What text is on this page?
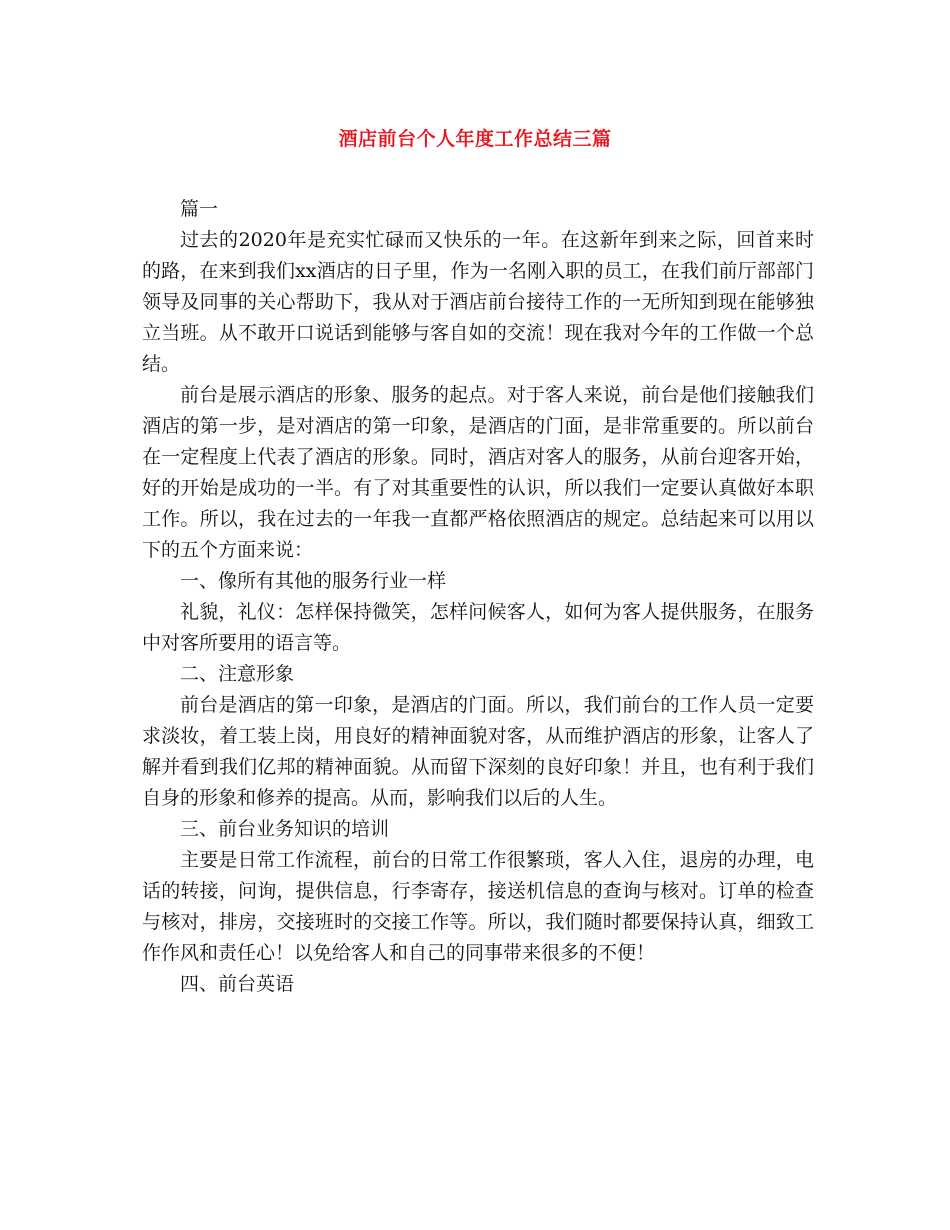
酒店前台个人年度工作总结三篇

篇一

过去的2020年是充实忙碌而又快乐的一年。在这新年到来之际，回首来时的路，在来到我们xx酒店的日子里，作为一名刚入职的员工，在我们前厅部部门领导及同事的关心帮助下，我从对于酒店前台接待工作的一无所知到现在能够独立当班。从不敢开口说话到能够与客自如的交流！现在我对今年的工作做一个总结。

前台是展示酒店的形象、服务的起点。对于客人来说，前台是他们接触我们酒店的第一步，是对酒店的第一印象，是酒店的门面，是非常重要的。所以前台在一定程度上代表了酒店的形象。同时，酒店对客人的服务，从前台迎客开始，好的开始是成功的一半。有了对其重要性的认识，所以我们一定要认真做好本职工作。所以，我在过去的一年我一直都严格依照酒店的规定。总结起来可以用以下的五个方面来说：

一、像所有其他的服务行业一样

礼貌，礼仪：怎样保持微笑，怎样问候客人，如何为客人提供服务，在服务中对客所要用的语言等。

二、注意形象

前台是酒店的第一印象，是酒店的门面。所以，我们前台的工作人员一定要求淡妆，着工装上岗，用良好的精神面貌对客，从而维护酒店的形象，让客人了解并看到我们亿邦的精神面貌。从而留下深刻的良好印象！并且，也有利于我们自身的形象和修养的提高。从而，影响我们以后的人生。

三、前台业务知识的培训

主要是日常工作流程，前台的日常工作很繁琐，客人入住，退房的办理，电话的转接，问询，提供信息，行李寄存，接送机信息的查询与核对。订单的检查与核对，排房，交接班时的交接工作等。所以，我们随时都要保持认真，细致工作作风和责任心！以免给客人和自己的同事带来很多的不便！

四、前台英语
